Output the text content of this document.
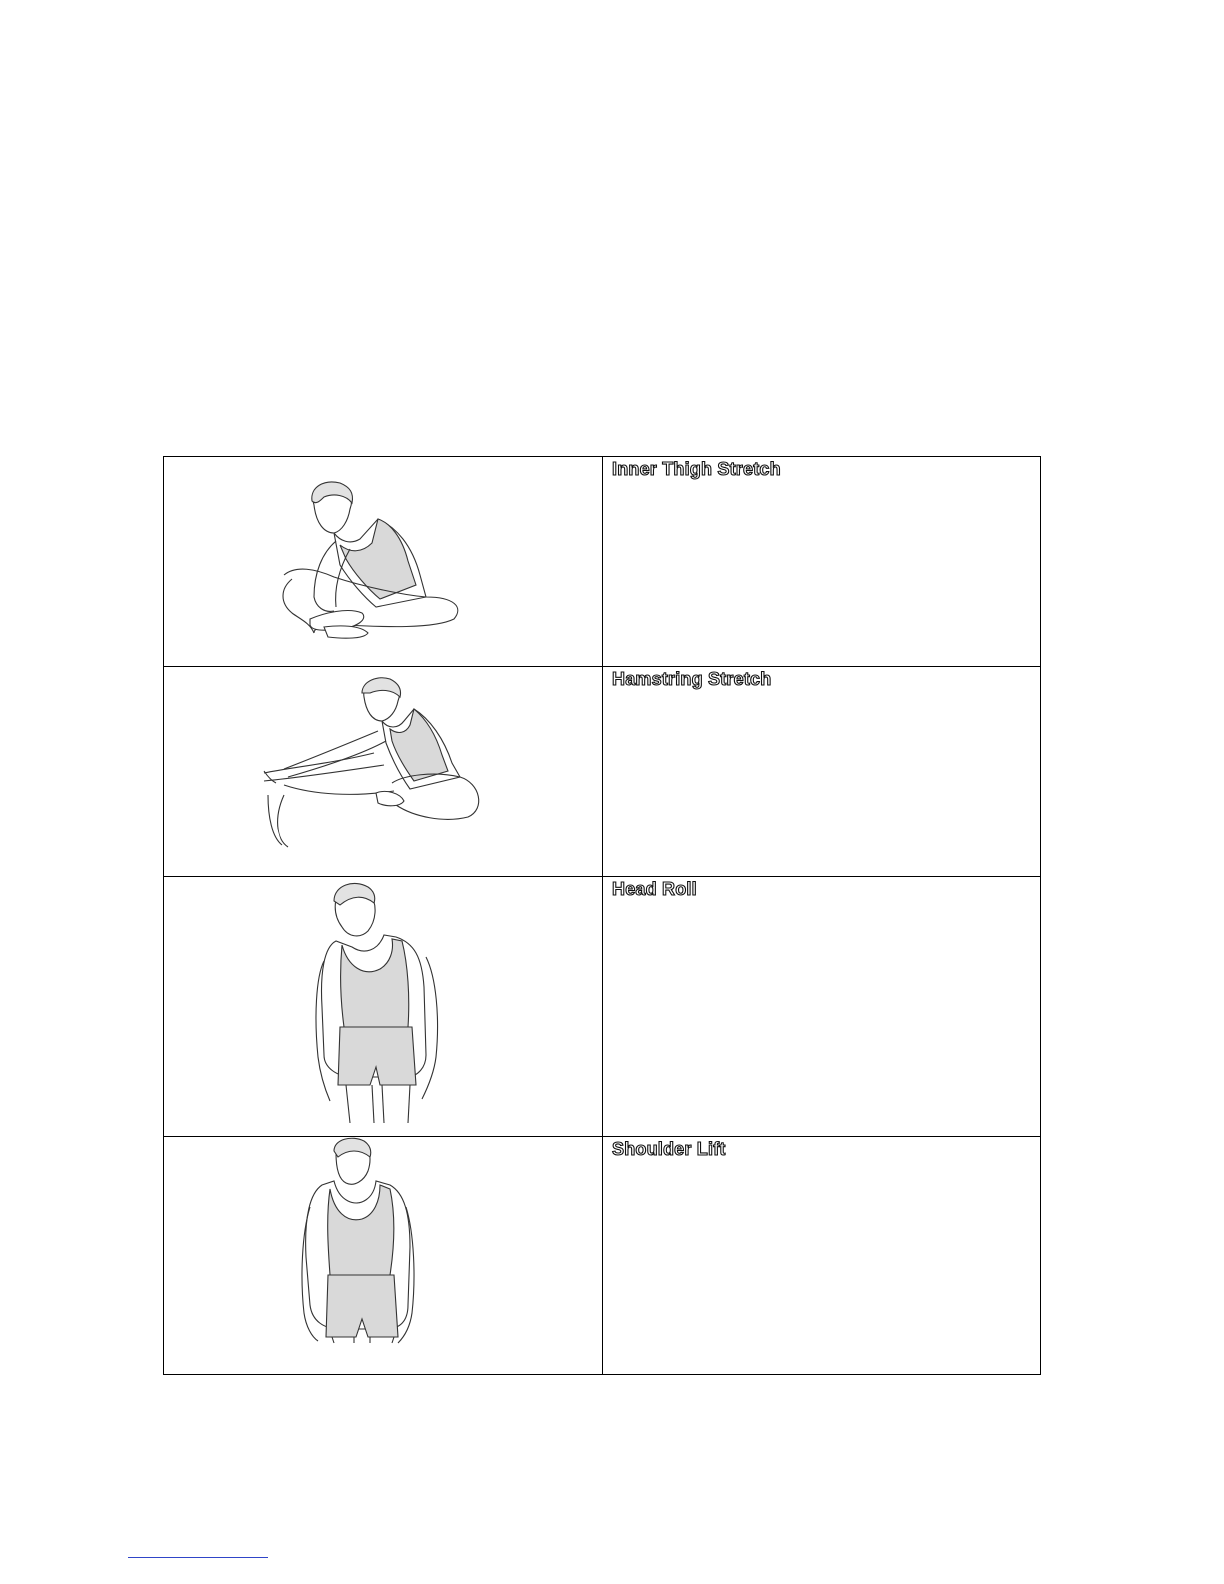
	Inner Thigh Stretch

	Hamstring Stretch

	Head Roll

	Shoulder Lift
